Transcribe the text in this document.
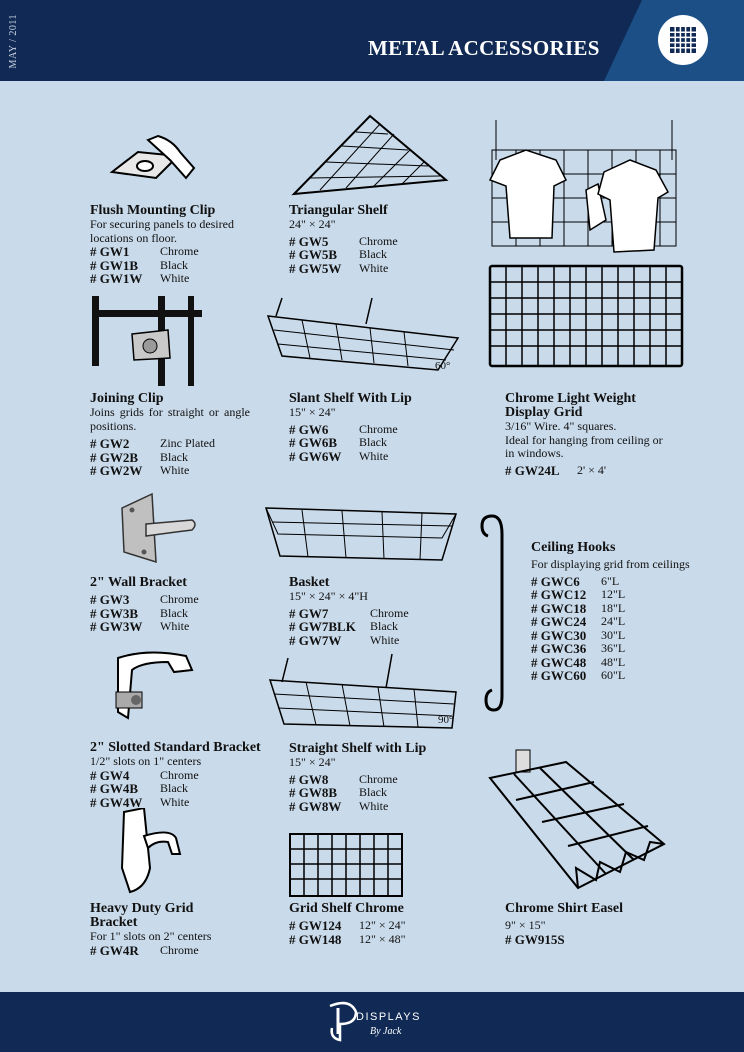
MAY / 2011	METAL ACCESSORIES
Flush Mounting Clip
For securing panels to desired locations on floor.
# GW1	Chrome
# GW1B	Black
# GW1W	White
Joining Clip
Joins grids for straight or angle positions.
# GW2	Zinc Plated
# GW2B	Black
# GW2W	White
2" Wall Bracket
# GW3	Chrome
# GW3B	Black
# GW3W	White
2" Slotted Standard Bracket
1/2" slots on 1" centers
# GW4	Chrome
# GW4B	Black
# GW4W	White
Heavy Duty Grid
Bracket
For 1" slots on 2" centers
# GW4R	Chrome
60°
90°
Triangular Shelf
24" × 24"
# GW5	Chrome
# GW5B	Black
# GW5W	White
Slant Shelf With Lip
15" × 24"
# GW6	Chrome
# GW6B	Black
# GW6W	White
Basket
15" × 24" × 4"H
# GW7	Chrome
# GW7BLK	Black
# GW7W	White
Straight Shelf with Lip
15" × 24"
# GW8	Chrome
# GW8B	Black
# GW8W	White
Grid Shelf Chrome
# GW124	12" × 24"
# GW148	12" × 48"
Chrome Light Weight
Display Grid
3/16" Wire. 4" squares.
Ideal for hanging from ceiling or
in windows.
# GW24L	2' × 4'
Ceiling Hooks
For displaying grid from ceilings
# GWC6	6"L
# GWC12	12"L
# GWC18	18"L
# GWC24	24"L
# GWC30	30"L
# GWC36	36"L
# GWC48	48"L
# GWC60	60"L
Chrome Shirt Easel
9" × 15"
# GW915S
DISPLAYS
By Jack
